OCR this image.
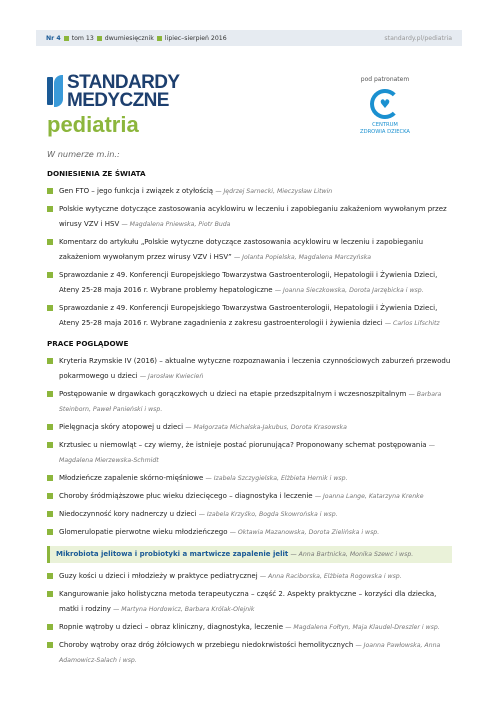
Nr 4 tom 13 dwumiesięcznik lipiec–sierpień 2016	standardy.pl/pediatria
STANDARDY
MEDYCZNE
pediatria
pod patronatem
♥
CENTRUM
ZDROWIA DZIECKA
W numerze m.in.:
DONIESIENIA ZE ŚWIATA
Gen FTO – jego funkcja i związek z otyłością — Jędrzej Sarnecki, Mieczysław Litwin
Polskie wytyczne dotyczące zastosowania acyklowiru w leczeniu i zapobieganiu zakażeniom wywołanym przez wirusy VZV i HSV — Magdalena Pniewska, Piotr Buda
Komentarz do artykułu „Polskie wytyczne dotyczące zastosowania acyklowiru w leczeniu i zapobieganiu zakażeniom wywołanym przez wirusy VZV i HSV” — Jolanta Popielska, Magdalena Marczyńska
Sprawozdanie z 49. Konferencji Europejskiego Towarzystwa Gastroenterologii, Hepatologii i Żywienia Dzieci, Ateny 25-28 maja 2016 r. Wybrane problemy hepatologiczne — Joanna Sieczkowska, Dorota Jarzębicka i wsp.
Sprawozdanie z 49. Konferencji Europejskiego Towarzystwa Gastroenterologii, Hepatologii i Żywienia Dzieci, Ateny 25-28 maja 2016 r. Wybrane zagadnienia z zakresu gastroenterologii i żywienia dzieci — Carlos Lifschitz
PRACE POGLĄDOWE
Kryteria Rzymskie IV (2016) – aktualne wytyczne rozpoznawania i leczenia czynnościowych zaburzeń przewodu pokarmowego u dzieci — Jarosław Kwiecień
Postępowanie w drgawkach gorączkowych u dzieci na etapie przedszpitalnym i wczesnoszpitalnym — Barbara Steinborn, Paweł Panieński i wsp.
Pielęgnacja skóry atopowej u dzieci — Małgorzata Michalska-Jakubus, Dorota Krasowska
Krztusiec u niemowląt – czy wiemy, że istnieje postać piorunująca? Proponowany schemat postępowania — Magdalena Mierzewska-Schmidt
Młodzieńcze zapalenie skórno-mięśniowe — Izabela Szczygielska, Elżbieta Hernik i wsp.
Choroby śródmiąższowe płuc wieku dziecięcego – diagnostyka i leczenie — Joanna Lange, Katarzyna Krenke
Niedoczynność kory nadnerczy u dzieci — Izabela Krzyśko, Bogda Skowrońska i wsp.
Glomerulopatie pierwotne wieku młodzieńczego — Oktawia Mazanowska, Dorota Zielińska i wsp.
Mikrobiota jelitowa i probiotyki a martwicze zapalenie jelit — Anna Bartnicka, Monika Szewc i wsp.
Guzy kości u dzieci i młodzieży w praktyce pediatrycznej — Anna Raciborska, Elżbieta Rogowska i wsp.
Kangurowanie jako holistyczna metoda terapeutyczna – część 2. Aspekty praktyczne – korzyści dla dziecka, matki i rodziny — Martyna Hordowicz, Barbara Królak-Olejnik
Ropnie wątroby u dzieci – obraz kliniczny, diagnostyka, leczenie — Magdalena Fołtyn, Maja Klaudel-Dreszler i wsp.
Choroby wątroby oraz dróg żółciowych w przebiegu niedokrwistości hemolitycznych — Joanna Pawłowska, Anna Adamowicz-Salach i wsp.
